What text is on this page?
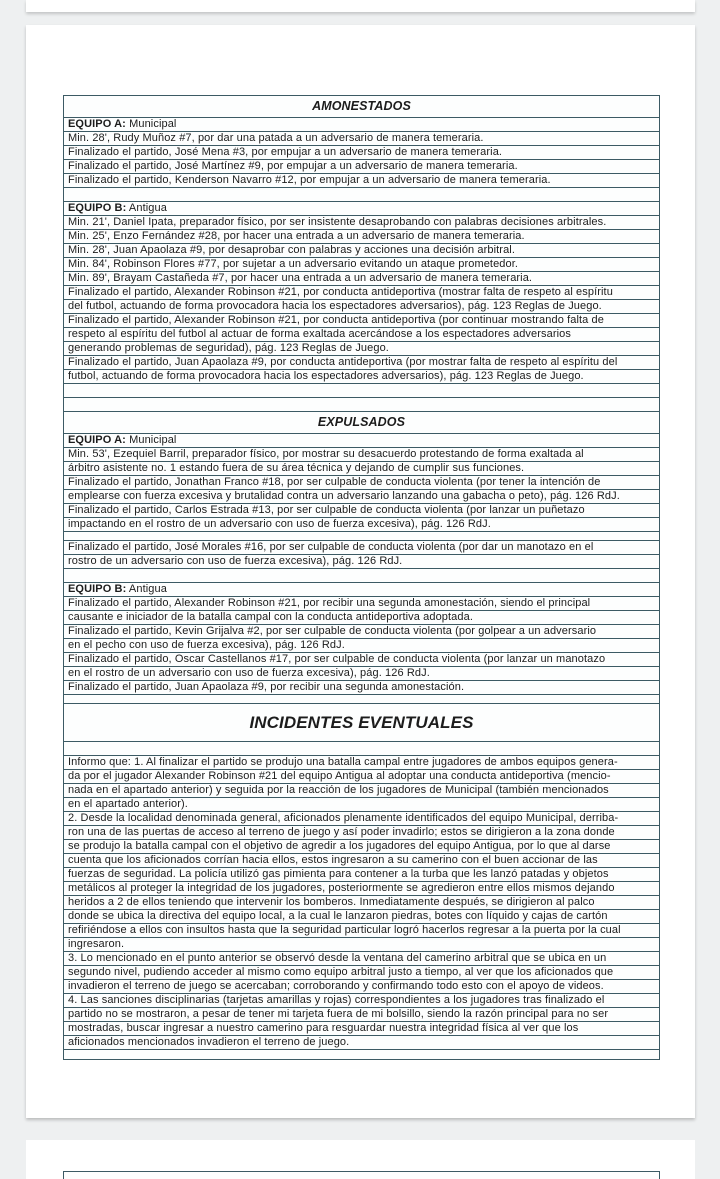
AMONESTADOS
EQUIPO A: Municipal
Min. 28', Rudy Muñoz #7, por dar una patada a un adversario de manera temeraria.
Finalizado el partido, José Mena #3, por empujar a un adversario de manera temeraria.
Finalizado el partido, José Martínez #9, por empujar a un adversario de manera temeraria.
Finalizado el partido, Kenderson Navarro #12, por empujar a un adversario de manera temeraria.
EQUIPO B: Antigua
Min. 21', Daniel Ipata, preparador físico, por ser insistente desaprobando con palabras decisiones arbitrales.
Min. 25', Enzo Fernández #28, por hacer una entrada a un adversario de manera temeraria.
Min. 28', Juan Apaolaza #9, por desaprobar con palabras y acciones una decisión arbitral.
Min. 84', Robinson Flores #77, por sujetar a un adversario evitando un ataque prometedor.
Min. 89', Brayam Castañeda #7, por hacer una entrada a un adversario de manera temeraria.
Finalizado el partido, Alexander Robinson #21, por conducta antideportiva (mostrar falta de respeto al espíritu
del futbol, actuando de forma provocadora hacia los espectadores adversarios), pág. 123 Reglas de Juego.
Finalizado el partido, Alexander Robinson #21, por conducta antideportiva (por continuar mostrando falta de
respeto al espíritu del futbol al actuar de forma exaltada acercándose a los espectadores adversarios
generando problemas de seguridad), pág. 123 Reglas de Juego.
Finalizado el partido, Juan Apaolaza #9, por conducta antideportiva (por mostrar falta de respeto al espíritu del
futbol, actuando de forma provocadora hacia los espectadores adversarios), pág. 123 Reglas de Juego.
EXPULSADOS
EQUIPO A: Municipal
Min. 53', Ezequiel Barril, preparador físico, por mostrar su desacuerdo protestando de forma exaltada al
árbitro asistente no. 1 estando fuera de su área técnica y dejando de cumplir sus funciones.
Finalizado el partido, Jonathan Franco #18, por ser culpable de conducta violenta (por tener la intención de
emplearse con fuerza excesiva y brutalidad contra un adversario lanzando una gabacha o peto), pág. 126 RdJ.
Finalizado el partido, Carlos Estrada #13, por ser culpable de conducta violenta (por lanzar un puñetazo
impactando en el rostro de un adversario con uso de fuerza excesiva), pág. 126 RdJ.
Finalizado el partido, José Morales #16, por ser culpable de conducta violenta (por dar un manotazo en el
rostro de un adversario con uso de fuerza excesiva), pág. 126 RdJ.
EQUIPO B: Antigua
Finalizado el partido, Alexander Robinson #21, por recibir una segunda amonestación, siendo el principal
causante e iniciador de la batalla campal con la conducta antideportiva adoptada.
Finalizado el partido, Kevin Grijalva #2, por ser culpable de conducta violenta (por golpear a un adversario
en el pecho con uso de fuerza excesiva), pág. 126 RdJ.
Finalizado el partido, Oscar Castellanos #17, por ser culpable de conducta violenta (por lanzar un manotazo
en el rostro de un adversario con uso de fuerza excesiva), pág. 126 RdJ.
Finalizado el partido, Juan Apaolaza #9, por recibir una segunda amonestación.
INCIDENTES EVENTUALES
Informo que: 1. Al finalizar el partido se produjo una batalla campal entre jugadores de ambos equipos genera-
da por el jugador Alexander Robinson #21 del equipo Antigua al adoptar una conducta antideportiva (mencio-
nada en el apartado anterior) y seguida por la reacción de los jugadores de Municipal (también mencionados
en el apartado anterior).
2. Desde la localidad denominada general, aficionados plenamente identificados del equipo Municipal, derriba-
ron una de las puertas de acceso al terreno de juego y así poder invadirlo; estos se dirigieron a la zona donde
se produjo la batalla campal con el objetivo de agredir a los jugadores del equipo Antigua, por lo que al darse
cuenta que los aficionados corrían hacia ellos, estos ingresaron a su camerino con el buen accionar de las
fuerzas de seguridad. La policía utilizó gas pimienta para contener a la turba que les lanzó patadas y objetos
metálicos al proteger la integridad de los jugadores, posteriormente se agredieron entre ellos mismos dejando
heridos a 2 de ellos teniendo que intervenir los bomberos. Inmediatamente después, se dirigieron al palco
donde se ubica la directiva del equipo local, a la cual le lanzaron piedras, botes con líquido y cajas de cartón
refiriéndose a ellos con insultos hasta que la seguridad particular logró hacerlos regresar a la puerta por la cual
ingresaron.
3. Lo mencionado en el punto anterior se observó desde la ventana del camerino arbitral que se ubica en un
segundo nivel, pudiendo acceder al mismo como equipo arbitral justo a tiempo, al ver que los aficionados que
invadieron el terreno de juego se acercaban; corroborando y confirmando todo esto con el apoyo de videos.
4. Las sanciones disciplinarias (tarjetas amarillas y rojas) correspondientes a los jugadores tras finalizado el
partido no se mostraron, a pesar de tener mi tarjeta fuera de mi bolsillo, siendo la razón principal para no ser
mostradas, buscar ingresar a nuestro camerino para resguardar nuestra integridad física al ver que los
aficionados mencionados invadieron el terreno de juego.
